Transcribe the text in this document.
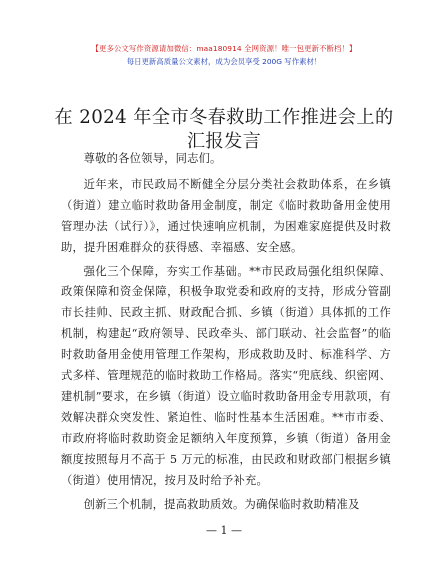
【更多公文写作资源请加微信：maa180914 全网资源！唯一包更新不断档！】
每日更新高质量公文素材，成为会员享受 200G 写作素材！
在 2024 年全市冬春救助工作推进会上的汇报发言

尊敬的各位领导，同志们。

近年来，市民政局不断健全分层分类社会救助体系，在乡镇（街道）建立临时救助备用金制度，制定《临时救助备用金使用管理办法（试行）》，通过快速响应机制，为困难家庭提供及时救助，提升困难群众的获得感、幸福感、安全感。

强化三个保障，夯实工作基础。**市民政局强化组织保障、政策保障和资金保障，积极争取党委和政府的支持，形成分管副市长挂帅、民政主抓、财政配合抓、乡镇（街道）具体抓的工作机制，构建起“政府领导、民政牵头、部门联动、社会监督”的临时救助备用金使用管理工作架构，形成救助及时、标准科学、方式多样、管理规范的临时救助工作格局。落实“兜底线、织密网、建机制”要求，在乡镇（街道）设立临时救助备用金专用款项，有效解决群众突发性、紧迫性、临时性基本生活困难。**市市委、市政府将临时救助资金足额纳入年度预算，乡镇（街道）备用金额度按照每月不高于 5 万元的标准，由民政和财政部门根据乡镇（街道）使用情况，按月及时给予补充。

创新三个机制，提高救助质效。为确保临时救助精准及

— 1 —
